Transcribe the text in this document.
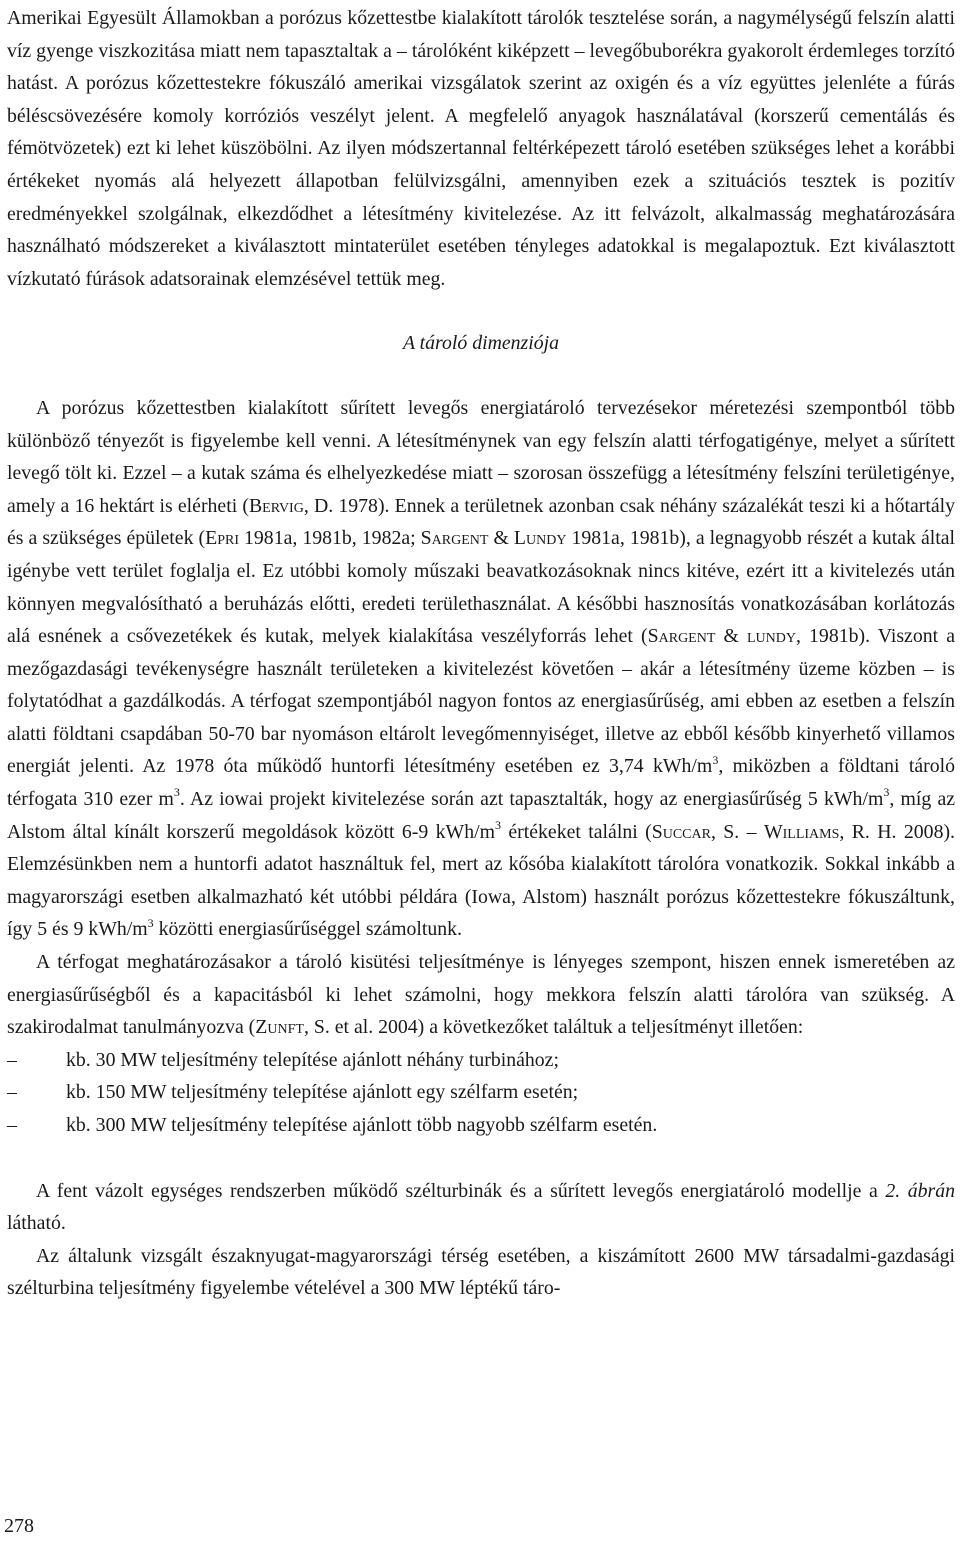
Amerikai Egyesült Államokban a porózus kőzettestbe kialakított tárolók tesztelése során, a nagymélységű felszín alatti víz gyenge viszkozitása miatt nem tapasztaltak a – tárolóként kiképzett – levegőbuborékra gyakorolt érdemleges torzító hatást. A porózus kőzettestekre fókuszáló amerikai vizsgálatok szerint az oxigén és a víz együttes jelenléte a fúrás béléscsövezésére komoly korróziós veszélyt jelent. A megfelelő anyagok használatával (korszerű cementálás és fémötvözetek) ezt ki lehet küszöbölni. Az ilyen módszertannal feltérképezett tároló esetében szükséges lehet a korábbi értékeket nyomás alá helyezett állapotban felülvizsgálni, amennyiben ezek a szituációs tesztek is pozitív eredményekkel szolgálnak, elkezdődhet a létesítmény kivitelezése. Az itt felvázolt, alkalmasság meghatározására használható módszereket a kiválasztott mintaterület esetében tényleges adatokkal is megalapoztuk. Ezt kiválasztott vízkutató fúrások adatsorainak elemzésével tettük meg.

A tároló dimenziója

A porózus kőzettestben kialakított sűrített levegős energiatároló tervezésekor méretezési szempontból több különböző tényezőt is figyelembe kell venni. A létesítménynek van egy felszín alatti térfogatigénye, melyet a sűrített levegő tölt ki. Ezzel – a kutak száma és elhelyezkedése miatt – szorosan összefügg a létesítmény felszíni területigénye, amely a 16 hektárt is elérheti (Bervig, D. 1978). Ennek a területnek azonban csak néhány százalékát teszi ki a hőtartály és a szükséges épületek (Epri 1981a, 1981b, 1982a; Sargent & Lundy 1981a, 1981b), a legnagyobb részét a kutak által igénybe vett terület foglalja el. Ez utóbbi komoly műszaki beavatkozásoknak nincs kitéve, ezért itt a kivitelezés után könnyen megvalósítható a beruházás előtti, eredeti területhasználat. A későbbi hasznosítás vonatkozásában korlátozás alá esnének a csővezetékek és kutak, melyek kialakítása veszélyforrás lehet (Sargent & lundy, 1981b). Viszont a mezőgazdasági tevékenységre használt területeken a kivitelezést követően – akár a létesítmény üzeme közben – is folytatódhat a gazdálkodás. A térfogat szempontjából nagyon fontos az energiasűrűség, ami ebben az esetben a felszín alatti földtani csapdában 50-70 bar nyomáson eltárolt levegőmennyiséget, illetve az ebből később kinyerhető villamos energiát jelenti. Az 1978 óta működő huntorfi létesítmény esetében ez 3,74 kWh/$m^3$, miközben a földtani tároló térfogata 310 ezer $m^3$. Az iowai projekt kivitelezése során azt tapasztalták, hogy az energiasűrűség 5 kWh/$m^3$, míg az Alstom által kínált korszerű megoldások között 6-9 kWh/$m^3$ értékeket találni (Succar, S. – Williams, R. H. 2008). Elemzésünkben nem a huntorfi adatot használtuk fel, mert az kősóba kialakított tárolóra vonatkozik. Sokkal inkább a magyarországi esetben alkalmazható két utóbbi példára (Iowa, Alstom) használt porózus kőzettestekre fókuszáltunk, így 5 és 9 kWh/$m^3$ közötti energiasűrűséggel számoltunk.

A térfogat meghatározásakor a tároló kisütési teljesítménye is lényeges szempont, hiszen ennek ismeretében az energiasűrűségből és a kapacitásból ki lehet számolni, hogy mekkora felszín alatti tárolóra van szükség. A szakirodalmat tanulmányozva (Zunft, S. et al. 2004) a következőket találtuk a teljesítményt illetően:

– kb. 30 MW teljesítmény telepítése ajánlott néhány turbinához;
– kb. 150 MW teljesítmény telepítése ajánlott egy szélfarm esetén;
– kb. 300 MW teljesítmény telepítése ajánlott több nagyobb szélfarm esetén.

A fent vázolt egységes rendszerben működő szélturbinák és a sűrített levegős energiatároló modellje a 2. ábrán látható.

Az általunk vizsgált északnyugat-magyarországi térség esetében, a kiszámított 2600 MW társadalmi-gazdasági szélturbina teljesítmény figyelembe vételével a 300 MW léptékű táro-

278
